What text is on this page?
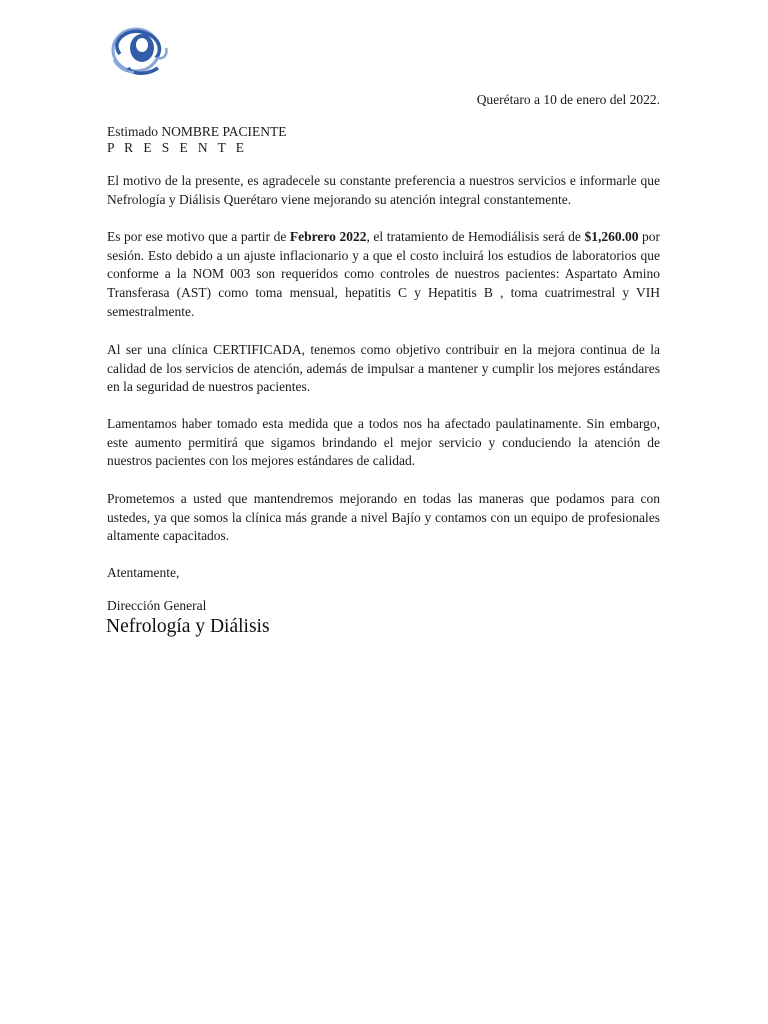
Querétaro a 10 de enero del 2022.
Estimado NOMBRE PACIENTE
P R E S E N T E

El motivo de la presente, es agradecele su constante preferencia a nuestros servicios e informarle que Nefrología y Diálisis Querétaro viene mejorando su atención integral constantemente.

Es por ese motivo que a partir de Febrero 2022, el tratamiento de Hemodiálisis será de $1,260.00 por sesión. Esto debido a un ajuste inflacionario y a que el costo incluirá los estudios de laboratorios que conforme a la NOM 003 son requeridos como controles de nuestros pacientes: Aspartato Amino Transferasa (AST) como toma mensual, hepatitis C y Hepatitis B , toma cuatrimestral y VIH semestralmente.

Al ser una clínica CERTIFICADA, tenemos como objetivo contribuir en la mejora continua de la calidad de los servicios de atención, además de impulsar a mantener y cumplir los mejores estándares en la seguridad de nuestros pacientes.

Lamentamos haber tomado esta medida que a todos nos ha afectado paulatinamente. Sin embargo, este aumento permitirá que sigamos brindando el mejor servicio y conduciendo la atención de nuestros pacientes con los mejores estándares de calidad.

Prometemos a usted que mantendremos mejorando en todas las maneras que podamos para con ustedes, ya que somos la clínica más grande a nivel Bajío y contamos con un equipo de profesionales altamente capacitados.

Atentamente,
Dirección General
Nefrología y Diálisis
